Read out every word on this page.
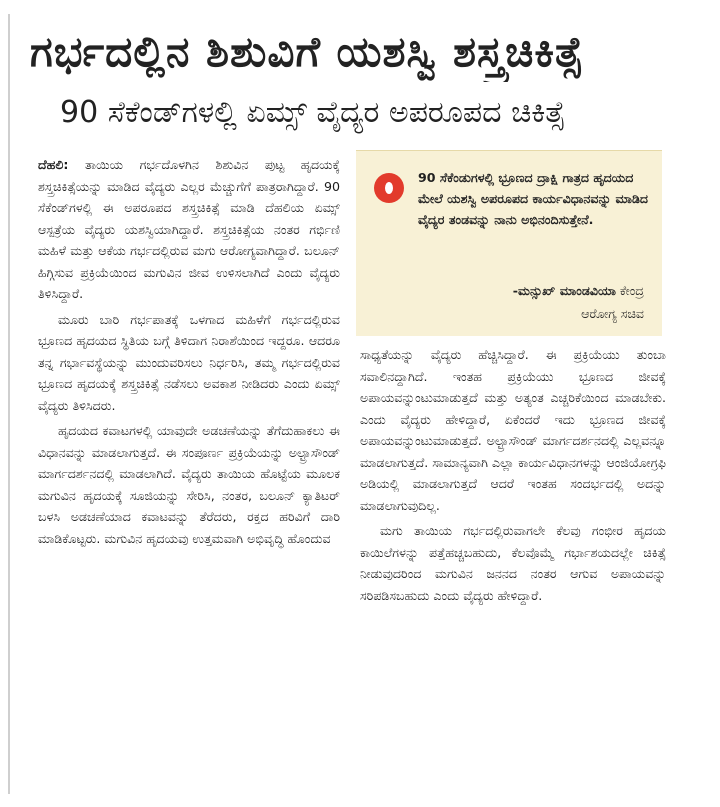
ಗರ್ಭದಲ್ಲಿನ ಶಿಶುವಿಗೆ ಯಶಸ್ವಿ ಶಸ್ತ್ರಚಿಕಿತ್ಸೆ
90 ಸೆಕೆಂಡ್‌ಗಳಲ್ಲಿ ಏಮ್ಸ್ ವೈದ್ಯರ ಅಪರೂಪದ ಚಿಕಿತ್ಸೆ

ದೆಹಲಿ: ತಾಯಿಯ ಗರ್ಭದೊಳಗಿನ ಶಿಶುವಿನ ಪುಟ್ಟ ಹೃದಯಕ್ಕೆ ಶಸ್ತ್ರಚಿಕಿತ್ಸೆಯನ್ನು ಮಾಡಿದ ವೈದ್ಯರು ಎಲ್ಲರ ಮೆಚ್ಚುಗೆಗೆ ಪಾತ್ರರಾಗಿದ್ದಾರೆ. 90 ಸೆಕೆಂಡ್‌ಗಳಲ್ಲಿ ಈ ಅಪರೂಪದ ಶಸ್ತ್ರಚಿಕಿತ್ಸೆ ಮಾಡಿ ದೆಹಲಿಯ ಏಮ್ಸ್ ಆಸ್ಪತ್ರೆಯ ವೈದ್ಯರು ಯಶಸ್ವಿಯಾಗಿದ್ದಾರೆ. ಶಸ್ತ್ರಚಿಕಿತ್ಸೆಯ ನಂತರ ಗರ್ಭಿಣಿ ಮಹಿಳೆ ಮತ್ತು ಆಕೆಯ ಗರ್ಭದಲ್ಲಿರುವ ಮಗು ಆರೋಗ್ಯವಾಗಿದ್ದಾರೆ. ಬಲೂನ್ ಹಿಗ್ಗಿಸುವ ಪ್ರಕ್ರಿಯೆಯಿಂದ ಮಗುವಿನ ಜೀವ ಉಳಿಸಲಾಗಿದೆ ಎಂದು ವೈದ್ಯರು ತಿಳಿಸಿದ್ದಾರೆ.

ಮೂರು ಬಾರಿ ಗರ್ಭಪಾತಕ್ಕೆ ಒಳಗಾದ ಮಹಿಳೆಗೆ ಗರ್ಭದಲ್ಲಿರುವ ಭ್ರೂಣದ ಹೃದಯದ ಸ್ಥಿತಿಯ ಬಗ್ಗೆ ತಿಳಿದಾಗ ನಿರಾಶೆಯಿಂದ ಇದ್ದರೂ. ಆದರೂ ತನ್ನ ಗರ್ಭಾವಸ್ಥೆಯನ್ನು ಮುಂದುವರಿಸಲು ನಿರ್ಧರಿಸಿ, ತಮ್ಮ ಗರ್ಭದಲ್ಲಿರುವ ಭ್ರೂಣದ ಹೃದಯಕ್ಕೆ ಶಸ್ತ್ರಚಿಕಿತ್ಸೆ ನಡೆಸಲು ಅವಕಾಶ ನೀಡಿದರು ಎಂದು ಏಮ್ಸ್ ವೈದ್ಯರು ತಿಳಿಸಿದರು.

ಹೃದಯದ ಕವಾಟಗಳಲ್ಲಿ ಯಾವುದೇ ಅಡಚಣೆಯನ್ನು ತೆಗೆದುಹಾಕಲು ಈ ವಿಧಾನವನ್ನು ಮಾಡಲಾಗುತ್ತದೆ. ಈ ಸಂಪೂರ್ಣ ಪ್ರಕ್ರಿಯೆಯನ್ನು ಅಲ್ಟ್ರಾಸೌಂಡ್ ಮಾರ್ಗದರ್ಶನದಲ್ಲಿ ಮಾಡಲಾಗಿದೆ. ವೈದ್ಯರು ತಾಯಿಯ ಹೊಟ್ಟೆಯ ಮೂಲಕ ಮಗುವಿನ ಹೃದಯಕ್ಕೆ ಸೂಜಿಯನ್ನು ಸೇರಿಸಿ, ನಂತರ, ಬಲೂನ್ ಕ್ಯಾತಿಟರ್ ಬಳಸಿ ಅಡಚಣೆಯಾದ ಕವಾಟವನ್ನು ತೆರೆದರು, ರಕ್ತದ ಹರಿವಿಗೆ ದಾರಿ ಮಾಡಿಕೊಟ್ಟರು. ಮಗುವಿನ ಹೃದಯವು ಉತ್ತಮವಾಗಿ ಅಭಿವೃದ್ಧಿ ಹೊಂದುವ

90 ಸೆಕೆಂಡುಗಳಲ್ಲಿ ಭ್ರೂಣದ ದ್ರಾಕ್ಷಿ ಗಾತ್ರದ ಹೃದಯದ ಮೇಲೆ ಯಶಸ್ವಿ ಅಪರೂಪದ ಕಾರ್ಯವಿಧಾನವನ್ನು ಮಾಡಿದ ವೈದ್ಯರ ತಂಡವನ್ನು ನಾನು ಅಭಿನಂದಿಸುತ್ತೇನೆ.
-ಮನ್ಸುಖ್ ಮಾಂಡವಿಯಾ ಕೇಂದ್ರ
ಆರೋಗ್ಯ ಸಚಿವ

ಸಾಧ್ಯತೆಯನ್ನು ವೈದ್ಯರು ಹೆಚ್ಚಿಸಿದ್ದಾರೆ. ಈ ಪ್ರಕ್ರಿಯೆಯು ತುಂಬಾ ಸವಾಲಿನದ್ದಾಗಿದೆ. ಇಂತಹ ಪ್ರಕ್ರಿಯೆಯು ಭ್ರೂಣದ ಜೀವಕ್ಕೆ ಅಪಾಯವನ್ನುಂಟುಮಾಡುತ್ತದೆ ಮತ್ತು ಅತ್ಯಂತ ಎಚ್ಚರಿಕೆಯಿಂದ ಮಾಡಬೇಕು. ಎಂದು ವೈದ್ಯರು ಹೇಳಿದ್ದಾರೆ, ಏಕೆಂದರೆ ಇದು ಭ್ರೂಣದ ಜೀವಕ್ಕೆ ಅಪಾಯವನ್ನುಂಟುಮಾಡುತ್ತದೆ. ಅಲ್ಟ್ರಾಸೌಂಡ್ ಮಾರ್ಗದರ್ಶನದಲ್ಲಿ ಎಲ್ಲವನ್ನೂ ಮಾಡಲಾಗುತ್ತದೆ. ಸಾಮಾನ್ಯವಾಗಿ ಎಲ್ಲಾ ಕಾರ್ಯವಿಧಾನಗಳನ್ನು ಆಂಜಿಯೋಗ್ರಫಿ ಅಡಿಯಲ್ಲಿ ಮಾಡಲಾಗುತ್ತದೆ ಆದರೆ ಇಂತಹ ಸಂದರ್ಭದಲ್ಲಿ ಅದನ್ನು ಮಾಡಲಾಗುವುದಿಲ್ಲ.

ಮಗು ತಾಯಿಯ ಗರ್ಭದಲ್ಲಿರುವಾಗಲೇ ಕೆಲವು ಗಂಭೀರ ಹೃದಯ ಕಾಯಿಲೆಗಳನ್ನು ಪತ್ತೆಹಚ್ಚಬಹುದು, ಕೆಲವೊಮ್ಮೆ ಗರ್ಭಾಶಯದಲ್ಲೇ ಚಿಕಿತ್ಸೆ ನೀಡುವುದರಿಂದ ಮಗುವಿನ ಜನನದ ನಂತರ ಆಗುವ ಅಪಾಯವನ್ನು ಸರಿಪಡಿಸಬಹುದು ಎಂದು ವೈದ್ಯರು ಹೇಳಿದ್ದಾರೆ.
